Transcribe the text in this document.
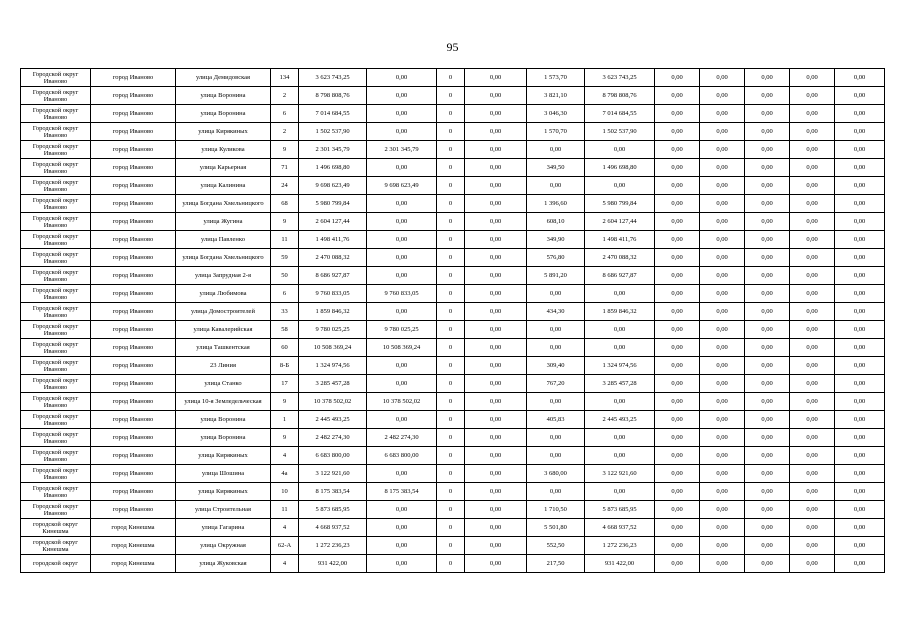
95
Городской округ Иваново	город Иваново	улица Демидовская	134	3 623 743,25	0,00	0	0,00	1 573,70	3 623 743,25	0,00	0,00	0,00	0,00	0,00
Городской округ Иваново	город Иваново	улица Воронина	2	8 798 808,76	0,00	0	0,00	3 821,10	8 798 808,76	0,00	0,00	0,00	0,00	0,00
Городской округ Иваново	город Иваново	улица Воронина	6	7 014 684,55	0,00	0	0,00	3 046,30	7 014 684,55	0,00	0,00	0,00	0,00	0,00
Городской округ Иваново	город Иваново	улица Кирякиных	2	1 502 537,90	0,00	0	0,00	1 570,70	1 502 537,90	0,00	0,00	0,00	0,00	0,00
Городской округ Иваново	город Иваново	улица Куликова	9	2 301 345,79	2 301 345,79	0	0,00	0,00	0,00	0,00	0,00	0,00	0,00	0,00
Городской округ Иваново	город Иваново	улица Карьерная	71	1 496 698,80	0,00	0	0,00	349,50	1 496 698,80	0,00	0,00	0,00	0,00	0,00
Городской округ Иваново	город Иваново	улица Калинина	24	9 698 623,49	9 698 623,49	0	0,00	0,00	0,00	0,00	0,00	0,00	0,00	0,00
Городской округ Иваново	город Иваново	улица Богдана Хмельницкого	68	5 980 799,84	0,00	0	0,00	1 396,60	5 980 799,84	0,00	0,00	0,00	0,00	0,00
Городской округ Иваново	город Иваново	улица Жугина	9	2 604 127,44	0,00	0	0,00	608,10	2 604 127,44	0,00	0,00	0,00	0,00	0,00
Городской округ Иваново	город Иваново	улица Павленко	11	1 498 411,76	0,00	0	0,00	349,90	1 498 411,76	0,00	0,00	0,00	0,00	0,00
Городской округ Иваново	город Иваново	улица Богдана Хмельницкого	59	2 470 088,32	0,00	0	0,00	576,80	2 470 088,32	0,00	0,00	0,00	0,00	0,00
Городской округ Иваново	город Иваново	улица Запрудная 2-я	50	8 686 927,87	0,00	0	0,00	5 891,20	8 686 927,87	0,00	0,00	0,00	0,00	0,00
Городской округ Иваново	город Иваново	улица Любимова	6	9 760 833,05	9 760 833,05	0	0,00	0,00	0,00	0,00	0,00	0,00	0,00	0,00
Городской округ Иваново	город Иваново	улица Домостроителей	33	1 859 846,32	0,00	0	0,00	434,30	1 859 846,32	0,00	0,00	0,00	0,00	0,00
Городской округ Иваново	город Иваново	улица Кавалерийская	58	9 780 025,25	9 780 025,25	0	0,00	0,00	0,00	0,00	0,00	0,00	0,00	0,00
Городской округ Иваново	город Иваново	улица Ташкентская	60	10 508 369,24	10 508 369,24	0	0,00	0,00	0,00	0,00	0,00	0,00	0,00	0,00
Городской округ Иваново	город Иваново	23 Линия	8-Б	1 324 974,56	0,00	0	0,00	309,40	1 324 974,56	0,00	0,00	0,00	0,00	0,00
Городской округ Иваново	город Иваново	улица Станко	17	3 285 457,28	0,00	0	0,00	767,20	3 285 457,28	0,00	0,00	0,00	0,00	0,00
Городской округ Иваново	город Иваново	улица 10-я Земледельческая	9	10 378 502,02	10 378 502,02	0	0,00	0,00	0,00	0,00	0,00	0,00	0,00	0,00
Городской округ Иваново	город Иваново	улица Воронина	1	2 445 493,25	0,00	0	0,00	405,83	2 445 493,25	0,00	0,00	0,00	0,00	0,00
Городской округ Иваново	город Иваново	улица Воронина	9	2 482 274,30	2 482 274,30	0	0,00	0,00	0,00	0,00	0,00	0,00	0,00	0,00
Городской округ Иваново	город Иваново	улица Кирякиных	4	6 683 800,00	6 683 800,00	0	0,00	0,00	0,00	0,00	0,00	0,00	0,00	0,00
Городской округ Иваново	город Иваново	улица Шошина	4а	3 122 921,60	0,00	0	0,00	3 680,00	3 122 921,60	0,00	0,00	0,00	0,00	0,00
Городской округ Иваново	город Иваново	улица Кирякиных	10	8 175 383,54	8 175 383,54	0	0,00	0,00	0,00	0,00	0,00	0,00	0,00	0,00
Городской округ Иваново	город Иваново	улица Строительная	11	5 873 685,95	0,00	0	0,00	1 710,50	5 873 685,95	0,00	0,00	0,00	0,00	0,00
городской округ Кинешма	город Кинешма	улица Гагарина	4	4 668 937,52	0,00	0	0,00	5 501,80	4 668 937,52	0,00	0,00	0,00	0,00	0,00
городской округ Кинешма	город Кинешма	улица Окружная	62-А	1 272 236,23	0,00	0	0,00	552,50	1 272 236,23	0,00	0,00	0,00	0,00	0,00
городской округ	город Кинешма	улица Жуковская	4	931 422,00	0,00	0	0,00	217,50	931 422,00	0,00	0,00	0,00	0,00	0,00
